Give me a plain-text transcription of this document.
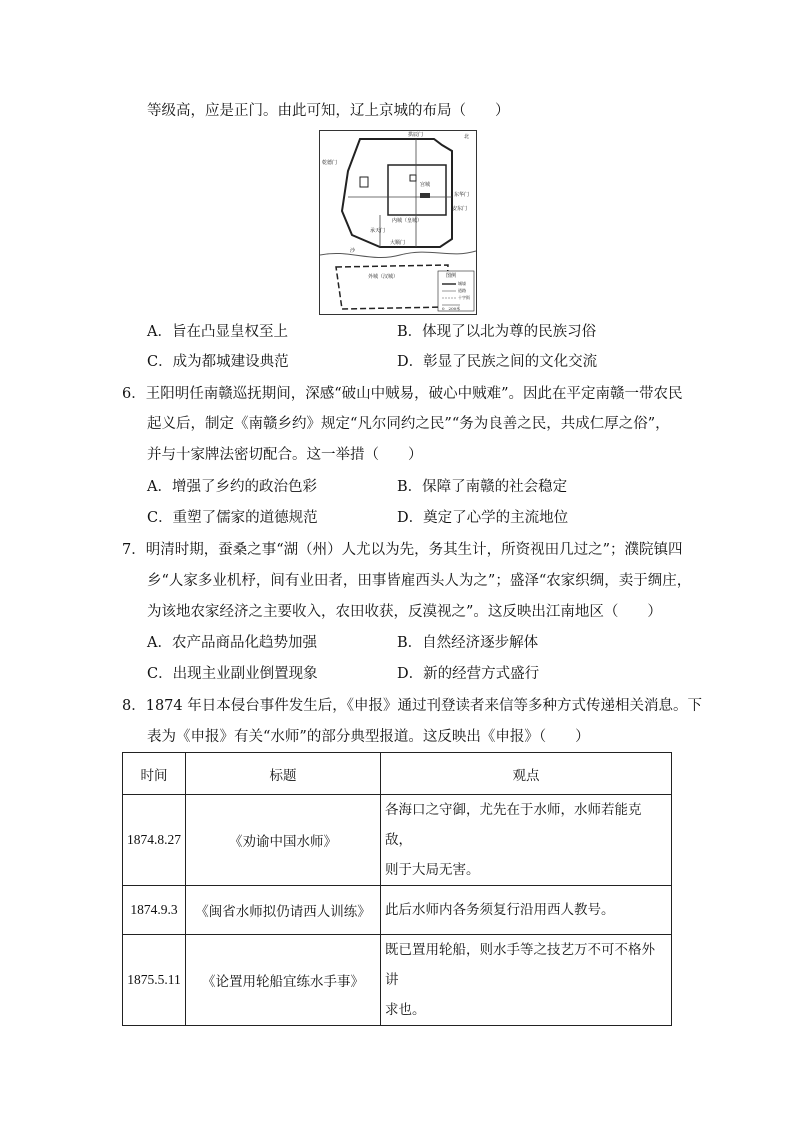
等级高，应是正门。由此可知，辽上京城的布局（　　）
拱辰门	北
乾德门
宫城
安东门
东华门
内城（皇城）
承天门
大顺门
沙
外城（汉城）	图例
城墙
道路
十字街
0　200米
A．旨在凸显皇权至上	B．体现了以北为尊的民族习俗
C．成为都城建设典范	D．彰显了民族之间的文化交流
6．王阳明任南赣巡抚期间，深感“破山中贼易，破心中贼难”。因此在平定南赣一带农民
起义后，制定《南赣乡约》规定“凡尔同约之民”“务为良善之民，共成仁厚之俗”，
并与十家牌法密切配合。这一举措（　　）
A．增强了乡约的政治色彩	B．保障了南赣的社会稳定
C．重塑了儒家的道德规范	D．奠定了心学的主流地位
7．明清时期，蚕桑之事“湖（州）人尤以为先，务其生计，所资视田几过之”；濮院镇四
乡“人家多业机杼，间有业田者，田事皆雇西头人为之”；盛泽“农家织绸，卖于绸庄，
为该地农家经济之主要收入，农田收获，反漠视之”。这反映出江南地区（　　）
A．农产品商品化趋势加强	B．自然经济逐步解体
C．出现主业副业倒置现象	D．新的经营方式盛行
8．1874 年日本侵台事件发生后，《申报》通过刊登读者来信等多种方式传递相关消息。下
表为《申报》有关“水师”的部分典型报道。这反映出《申报》（　　）
时间	标题	观点
1874.8.27	《劝谕中国水师》	各海口之守御，尤先在于水师，水师若能克敌，
则于大局无害。

1874.9.3	《闽省水师拟仍请西人训练》	此后水师内各务须复行沿用西人教号。

1875.5.11	《论置用轮船宜练水手事》	既已置用轮船，则水手等之技艺万不可不格外讲
求也。
